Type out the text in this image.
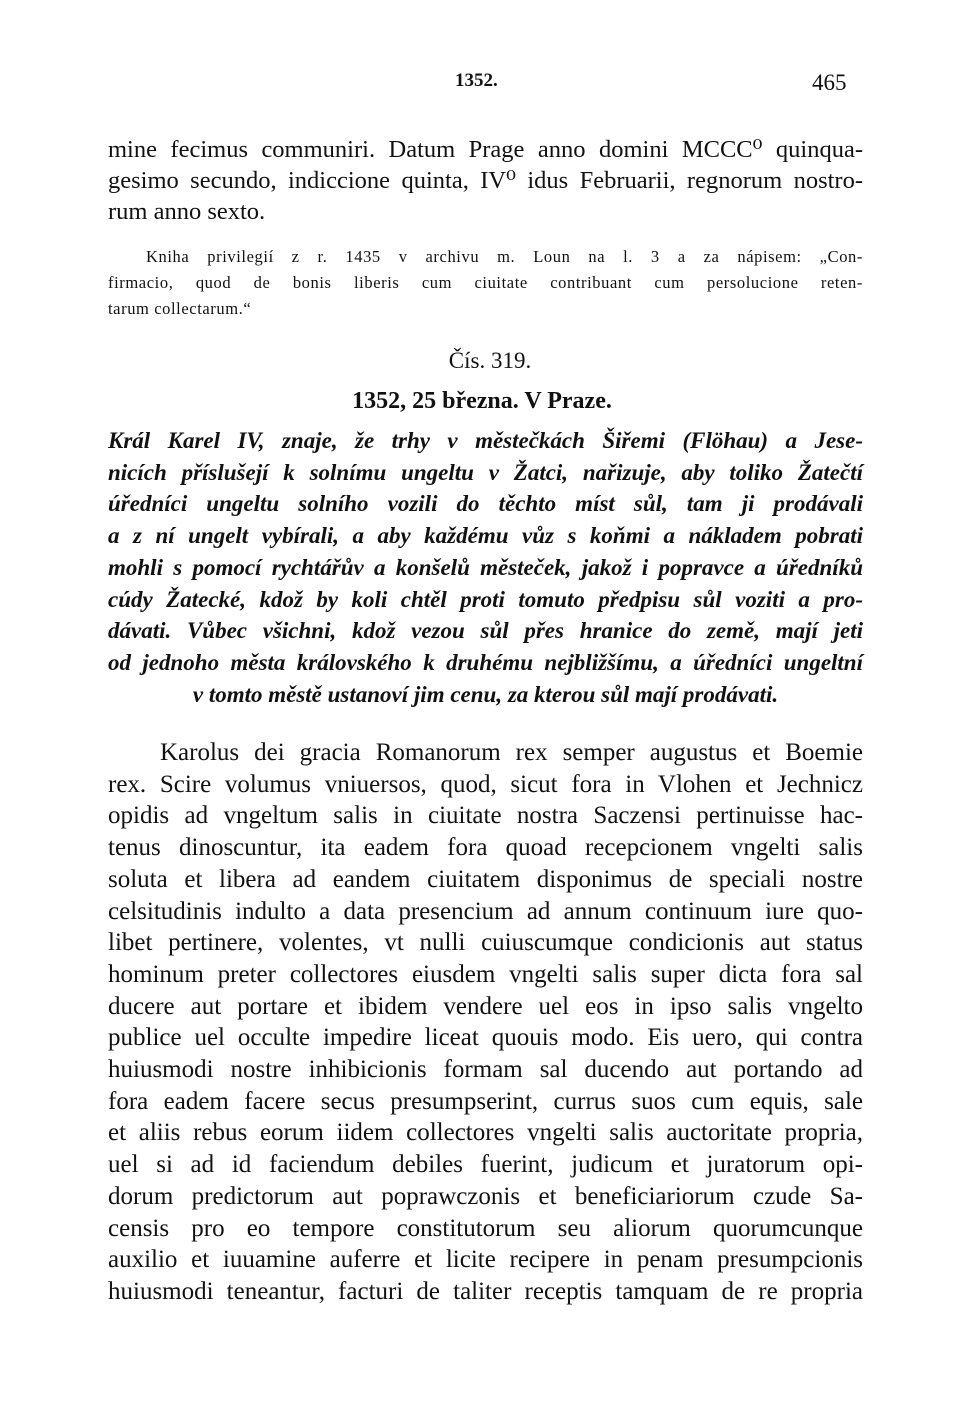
1352.	465
mine fecimus communiri. Datum Prage anno domini MCCC⁰ quinqua-
gesimo secundo, indiccione quinta, IV⁰ idus Februarii, regnorum nostro-
rum anno sexto.
Kniha privilegií z r. 1435 v archivu m. Loun na l. 3 a za nápisem: „Con-
firmacio, quod de bonis liberis cum ciuitate contribuant cum persolucione reten-
tarum collectarum.“
Čís. 319.
1352, 25 března. V Praze.
Král Karel IV, znaje, že trhy v městečkách Šiřemi (Flöhau) a Jese-
nicích příslušejí k solnímu ungeltu v Žatci, nařizuje, aby toliko Žatečtí
úředníci ungeltu solního vozili do těchto míst sůl, tam ji prodávali
a z ní ungelt vybírali, a aby každému vůz s koňmi a nákladem pobrati
mohli s pomocí rychtářův a konšelů městeček, jakož i popravce a úředníků
cúdy Žatecké, kdož by koli chtěl proti tomuto předpisu sůl voziti a pro-
dávati. Vůbec všichni, kdož vezou sůl přes hranice do země, mají jeti
od jednoho města královského k druhému nejbližšímu, a úředníci ungeltní
v tomto městě ustanoví jim cenu, za kterou sůl mají prodávati.
Karolus dei gracia Romanorum rex semper augustus et Boemie
rex. Scire volumus vniuersos, quod, sicut fora in Vlohen et Jechnicz
opidis ad vngeltum salis in ciuitate nostra Saczensi pertinuisse hac-
tenus dinoscuntur, ita eadem fora quoad recepcionem vngelti salis
soluta et libera ad eandem ciuitatem disponimus de speciali nostre
celsitudinis indulto a data presencium ad annum continuum iure quo-
libet pertinere, volentes, vt nulli cuiuscumque condicionis aut status
hominum preter collectores eiusdem vngelti salis super dicta fora sal
ducere aut portare et ibidem vendere uel eos in ipso salis vngelto
publice uel occulte impedire liceat quouis modo. Eis uero, qui contra
huiusmodi nostre inhibicionis formam sal ducendo aut portando ad
fora eadem facere secus presumpserint, currus suos cum equis, sale
et aliis rebus eorum iidem collectores vngelti salis auctoritate propria,
uel si ad id faciendum debiles fuerint, judicum et juratorum opi-
dorum predictorum aut poprawczonis et beneficiariorum czude Sa-
censis pro eo tempore constitutorum seu aliorum quorumcunque
auxilio et iuuamine auferre et licite recipere in penam presumpcionis
huiusmodi teneantur, facturi de taliter receptis tamquam de re propria
